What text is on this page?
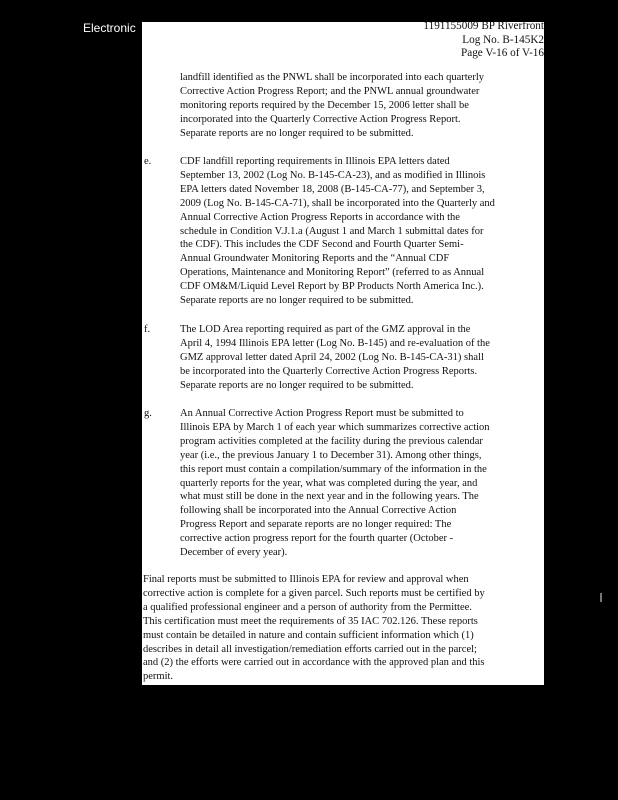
Electronic	1191155009 BP Riverfront
Log No. B-145K2
Page V-16 of V-16
landfill identified as the PNWL shall be incorporated into each quarterly
Corrective Action Progress Report; and the PNWL annual groundwater
monitoring reports required by the December 15, 2006 letter shall be
incorporated into the Quarterly Corrective Action Progress Report.
Separate reports are no longer required to be submitted.
e.	CDF landfill reporting requirements in Illinois EPA letters dated
September 13, 2002 (Log No. B-145-CA-23), and as modified in Illinois
EPA letters dated November 18, 2008 (B-145-CA-77), and September 3,
2009 (Log No. B-145-CA-71), shall be incorporated into the Quarterly and
Annual Corrective Action Progress Reports in accordance with the
schedule in Condition V.J.1.a (August 1 and March 1 submittal dates for
the CDF). This includes the CDF Second and Fourth Quarter Semi-
Annual Groundwater Monitoring Reports and the “Annual CDF
Operations, Maintenance and Monitoring Report” (referred to as Annual
CDF OM&M/Liquid Level Report by BP Products North America Inc.).
Separate reports are no longer required to be submitted.
f.	The LOD Area reporting required as part of the GMZ approval in the
April 4, 1994 Illinois EPA letter (Log No. B-145) and re-evaluation of the
GMZ approval letter dated April 24, 2002 (Log No. B-145-CA-31) shall
be incorporated into the Quarterly Corrective Action Progress Reports.
Separate reports are no longer required to be submitted.
g.	An Annual Corrective Action Progress Report must be submitted to
Illinois EPA by March 1 of each year which summarizes corrective action
program activities completed at the facility during the previous calendar
year (i.e., the previous January 1 to December 31). Among other things,
this report must contain a compilation/summary of the information in the
quarterly reports for the year, what was completed during the year, and
what must still be done in the next year and in the following years. The
following shall be incorporated into the Annual Corrective Action
Progress Report and separate reports are no longer required: The
corrective action progress report for the fourth quarter (October -
December of every year).
Final reports must be submitted to Illinois EPA for review and approval when
corrective action is complete for a given parcel. Such reports must be certified by
a qualified professional engineer and a person of authority from the Permittee.
This certification must meet the requirements of 35 IAC 702.126. These reports
must contain be detailed in nature and contain sufficient information which (1)
describes in detail all investigation/remediation efforts carried out in the parcel;
and (2) the efforts were carried out in accordance with the approved plan and this
permit.
